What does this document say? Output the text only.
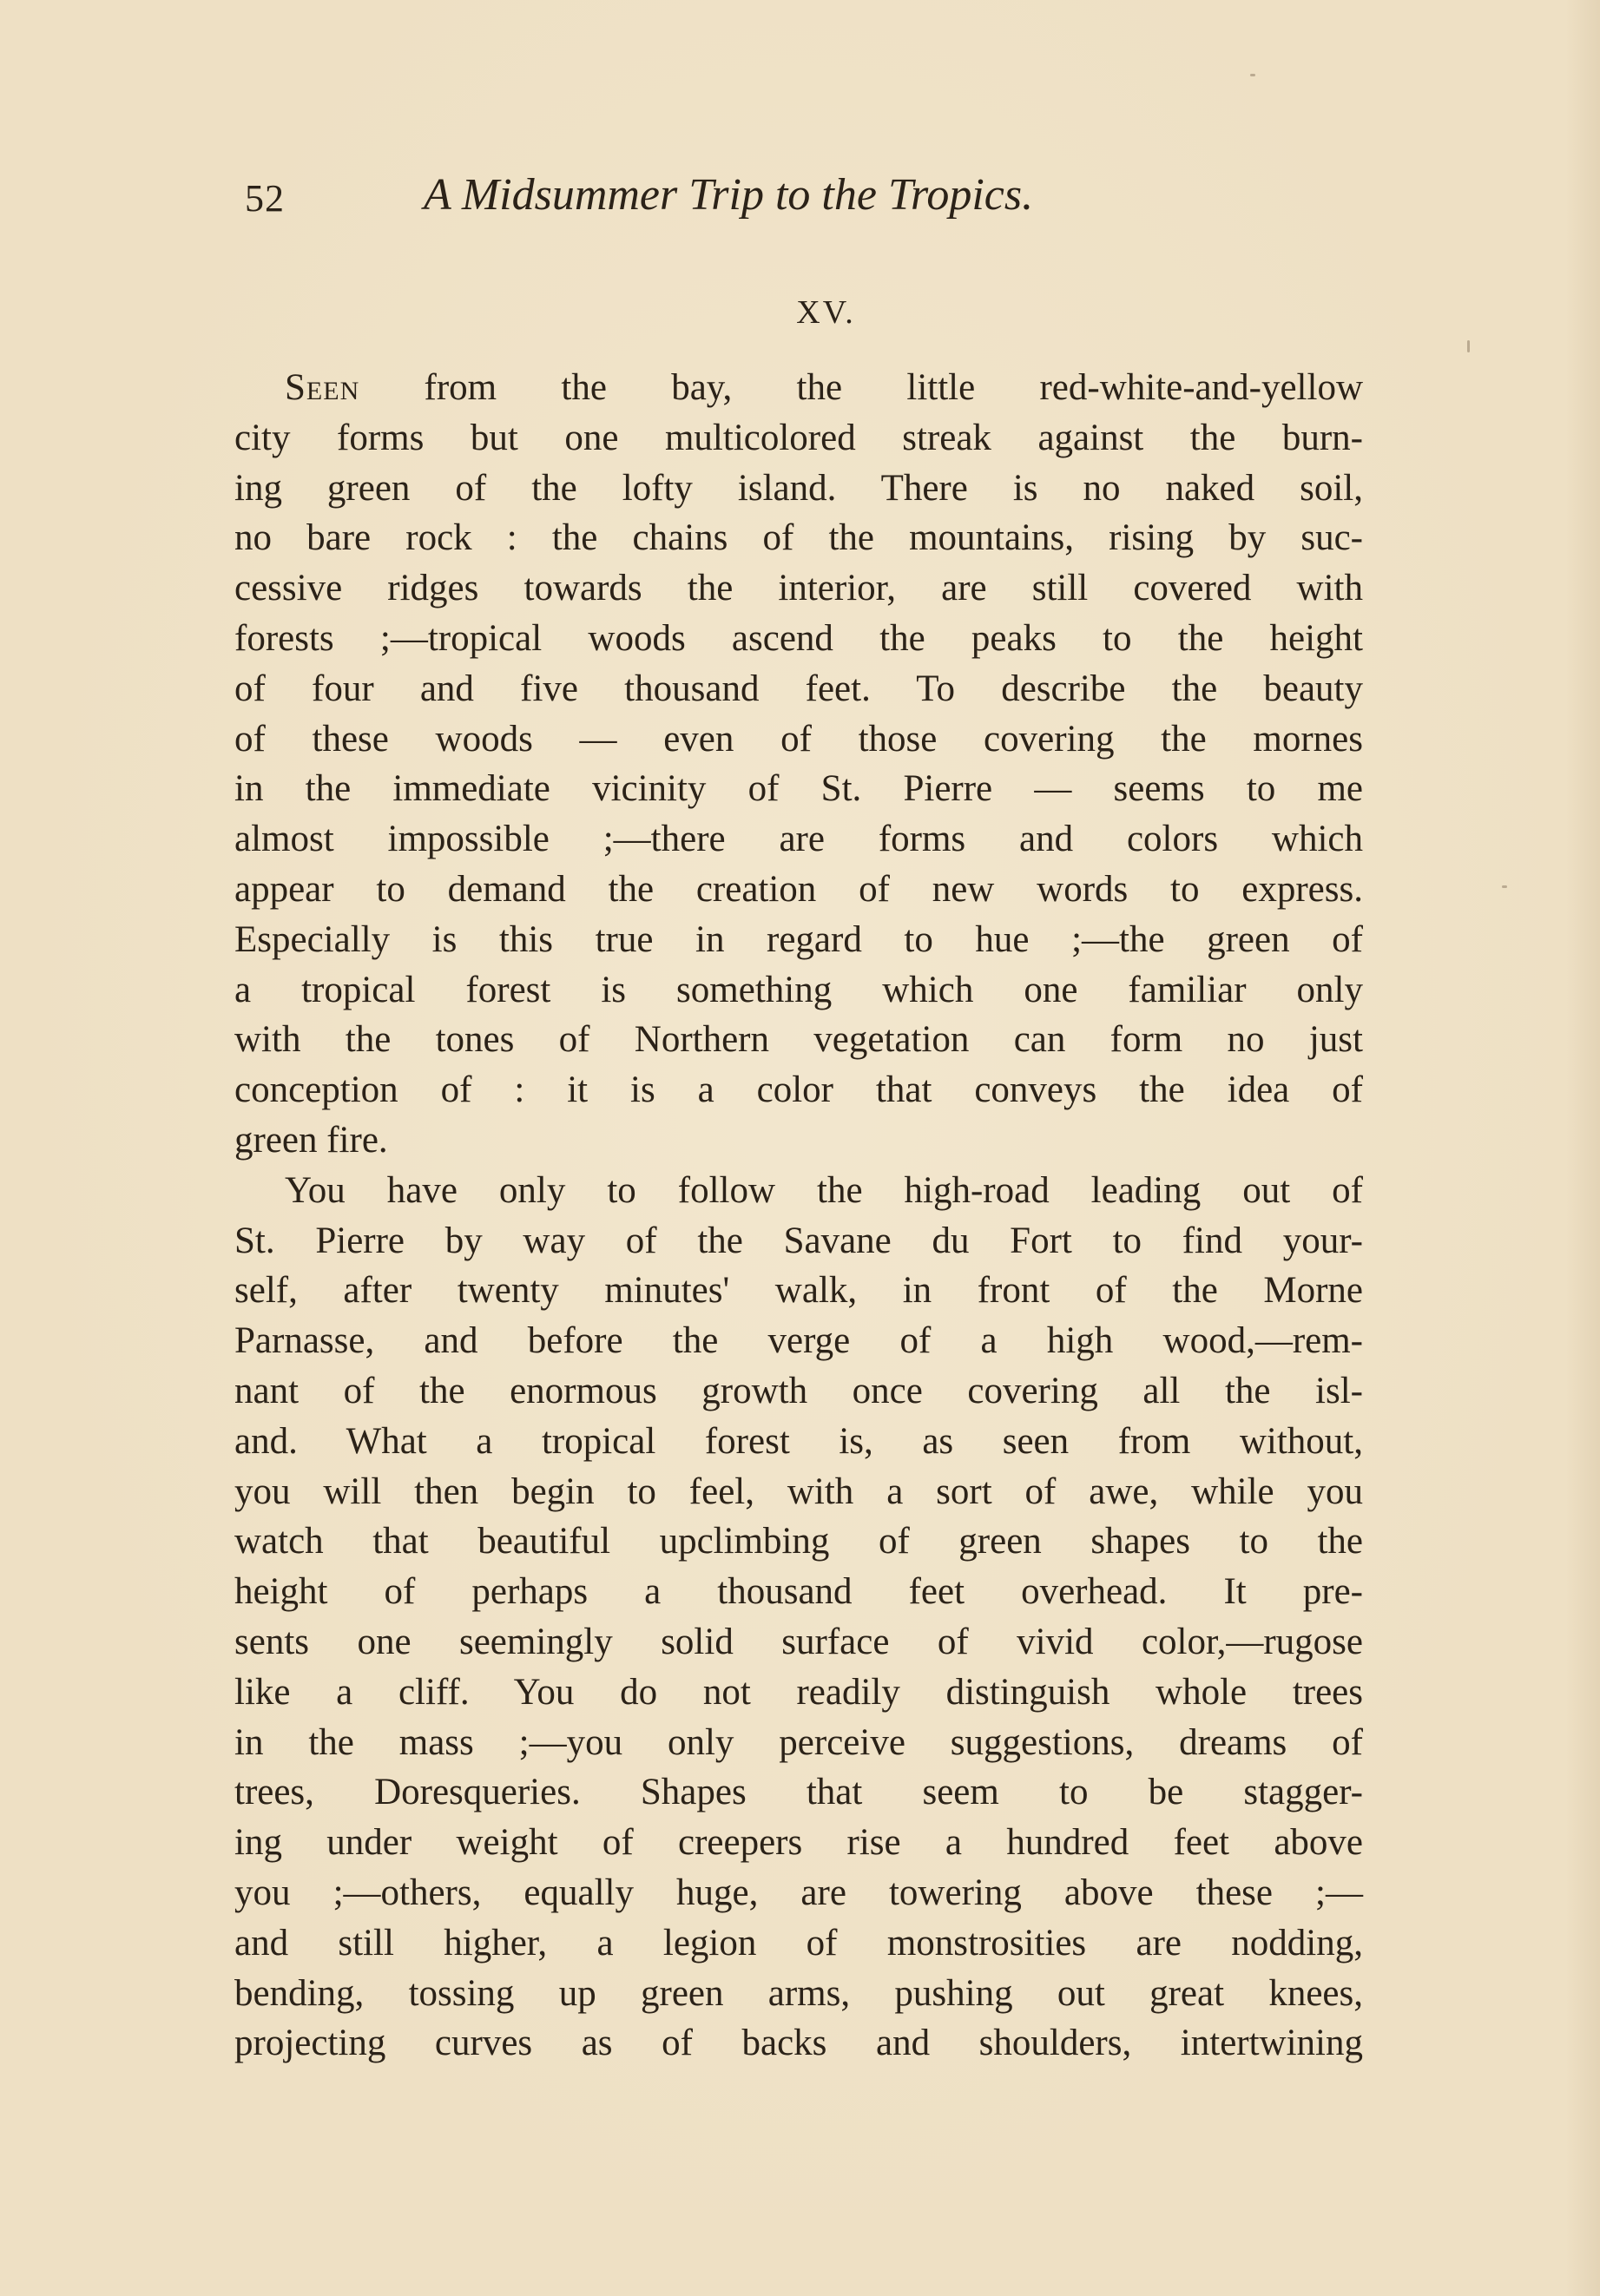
52	A Midsummer Trip to the Tropics.
XV.
Seen from the bay, the little red-white-and-yellow
city forms but one multicolored streak against the burn-
ing green of the lofty island. There is no naked soil,
no bare rock : the chains of the mountains, rising by suc-
cessive ridges towards the interior, are still covered with
forests ;—tropical woods ascend the peaks to the height
of four and five thousand feet. To describe the beauty
of these woods — even of those covering the mornes
in the immediate vicinity of St. Pierre — seems to me
almost impossible ;—there are forms and colors which
appear to demand the creation of new words to express.
Especially is this true in regard to hue ;—the green of
a tropical forest is something which one familiar only
with the tones of Northern vegetation can form no just
conception of : it is a color that conveys the idea of
green fire.
You have only to follow the high-road leading out of
St. Pierre by way of the Savane du Fort to find your-
self, after twenty minutes' walk, in front of the Morne
Parnasse, and before the verge of a high wood,—rem-
nant of the enormous growth once covering all the isl-
and. What a tropical forest is, as seen from without,
you will then begin to feel, with a sort of awe, while you
watch that beautiful upclimbing of green shapes to the
height of perhaps a thousand feet overhead. It pre-
sents one seemingly solid surface of vivid color,—rugose
like a cliff. You do not readily distinguish whole trees
in the mass ;—you only perceive suggestions, dreams of
trees, Doresqueries. Shapes that seem to be stagger-
ing under weight of creepers rise a hundred feet above
you ;—others, equally huge, are towering above these ;—
and still higher, a legion of monstrosities are nodding,
bending, tossing up green arms, pushing out great knees,
projecting curves as of backs and shoulders, intertwining
